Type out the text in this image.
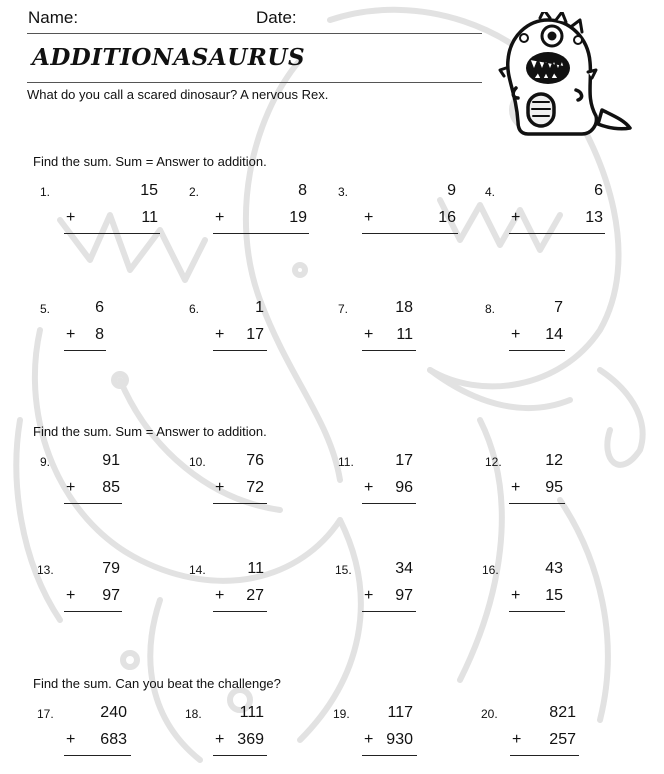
Name:	Date:
ADDITIONASAURUS
What do you call a scared dinosaur? A nervous Rex.
Find the sum. Sum = Answer to addition.
Find the sum. Sum = Answer to addition.
Find the sum. Can you beat the challenge?
1.	15
+	11
2.	8
+	19
3.	9
+	16
4.	6
+	13
5.	6
+ 8
6.	1
+ 17
7.	18
+ 11
8.	7
+ 14
9.	91
+ 85
10.	76
+ 72
11.	17
+ 96
12.	12
+ 95
13.	79
+ 97
14.	11
+ 27
15.	34
+ 97
16.	43
+ 15
17.	240
+ 683
18. 111
+ 369
19. 117
+ 930
20.	821
+ 257
